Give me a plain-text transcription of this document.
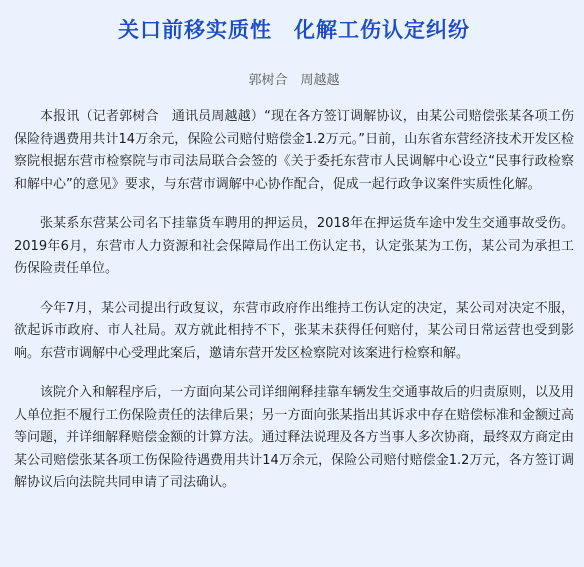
关口前移实质性　化解工伤认定纠纷
郭树合　周越越

本报讯（记者郭树合　通讯员周越越）“现在各方签订调解协议，由某公司赔偿张某各项工伤保险待遇费用共计14万余元，保险公司赔付赔偿金1.2万元。”日前，山东省东营经济技术开发区检察院根据东营市检察院与市司法局联合会签的《关于委托东营市人民调解中心设立“民事行政检察和解中心”的意见》要求，与东营市调解中心协作配合，促成一起行政争议案件实质性化解。

张某系东营某公司名下挂靠货车聘用的押运员，2018年在押运货车途中发生交通事故受伤。2019年6月，东营市人力资源和社会保障局作出工伤认定书，认定张某为工伤，某公司为承担工伤保险责任单位。

今年7月，某公司提出行政复议，东营市政府作出维持工伤认定的决定，某公司对决定不服，欲起诉市政府、市人社局。双方就此相持不下，张某未获得任何赔付，某公司日常运营也受到影响。东营市调解中心受理此案后，邀请东营开发区检察院对该案进行检察和解。

该院介入和解程序后，一方面向某公司详细阐释挂靠车辆发生交通事故后的归责原则，以及用人单位拒不履行工伤保险责任的法律后果；另一方面向张某指出其诉求中存在赔偿标准和金额过高等问题，并详细解释赔偿金额的计算方法。通过释法说理及各方当事人多次协商，最终双方商定由某公司赔偿张某各项工伤保险待遇费用共计14万余元，保险公司赔付赔偿金1.2万元，各方签订调解协议后向法院共同申请了司法确认。
